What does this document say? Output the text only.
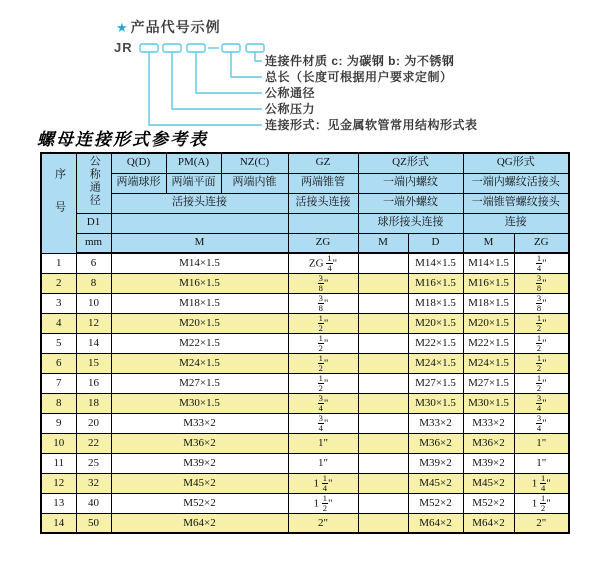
★ 产品代号示例
JR
连接件材质 c: 为碳钢 b: 为不锈钢
总长（长度可根据用户要求定制）
公称通径
公称压力
连接形式：见金属软管常用结构形式表
螺母连接形式参考表
序号	公称通径	Q(D)	PM(A)	NZ(C)	GZ	QZ形式		QG形式	
		两端球形	两端平面	两端内锥	两端锥管	一端内螺纹		一端内螺纹活接头	
		活接头连接			活接头连接	一端外螺纹		一端锥管螺纹接头	
	D1					球形接头连接		连接	
	mm	M			ZG	M	D	M	ZG
1	6	M14×1.5			ZG $\frac{1}{4}$ "		M14×1.5	M14×1.5	$\frac{1}{4}$ "
2	8	M16×1.5			$\frac{3}{8}$ "		M16×1.5	M16×1.5	$\frac{3}{8}$ "
3	10	M18×1.5			$\frac{3}{8}$ "		M18×1.5	M18×1.5	$\frac{3}{8}$ "
4	12	M20×1.5			$\frac{1}{2}$ "		M20×1.5	M20×1.5	$\frac{1}{2}$ "
5	14	M22×1.5			$\frac{1}{2}$ "		M22×1.5	M22×1.5	$\frac{1}{2}$ "
6	15	M24×1.5			$\frac{1}{2}$ "		M24×1.5	M24×1.5	$\frac{1}{2}$ "
7	16	M27×1.5			$\frac{1}{2}$ "		M27×1.5	M27×1.5	$\frac{1}{2}$ "
8	18	M30×1.5			$\frac{3}{4}$ "		M30×1.5	M30×1.5	$\frac{3}{4}$ "
9	20	M33×2			$\frac{3}{4}$ "		M33×2	M33×2	$\frac{3}{4}$ "
10	22	M36×2			1"		M36×2	M36×2	1"
11	25	M39×2			1"		M39×2	M39×2	1"
12	32	M45×2			$1 \frac{1}{4}$ "		M45×2	M45×2	$1 \frac{1}{4}$ "
13	40	M52×2			$1 \frac{1}{2}$ "		M52×2	M52×2	$1 \frac{1}{2}$ "
14	50	M64×2			2"		M64×2	M64×2	2"
